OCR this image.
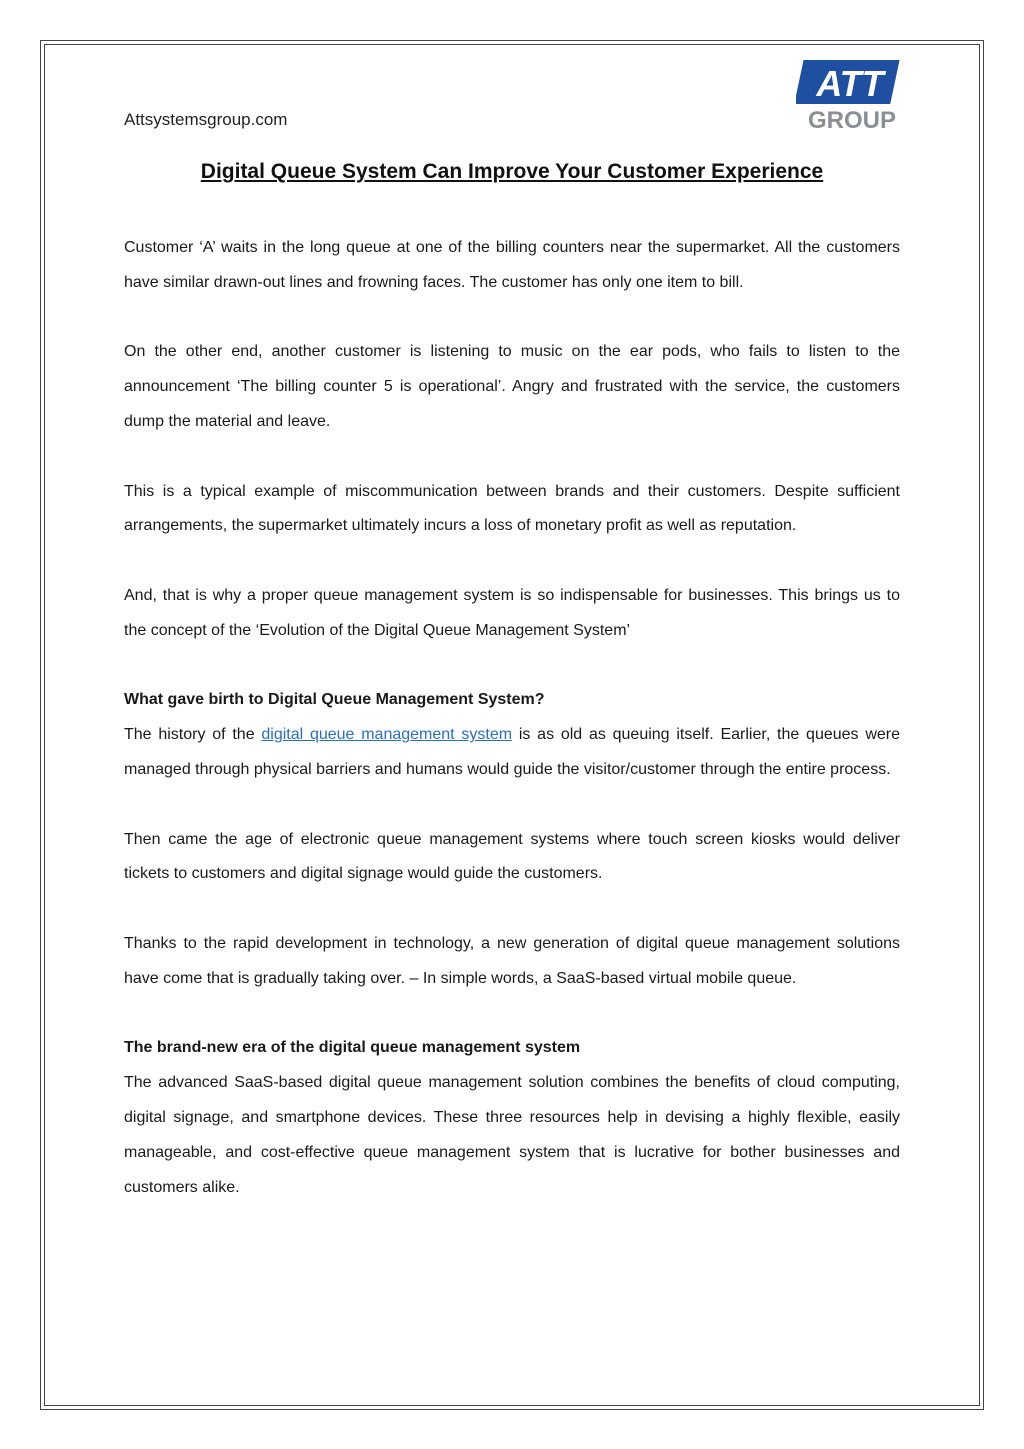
Attsystemsgroup.com
ATT
GROUP
Digital Queue System Can Improve Your Customer Experience

Customer ‘A’ waits in the long queue at one of the billing counters near the supermarket. All the customers have similar drawn-out lines and frowning faces. The customer has only one item to bill.

On the other end, another customer is listening to music on the ear pods, who fails to listen to the announcement ‘The billing counter 5 is operational’. Angry and frustrated with the service, the customers dump the material and leave.

This is a typical example of miscommunication between brands and their customers. Despite sufficient arrangements, the supermarket ultimately incurs a loss of monetary profit as well as reputation.

And, that is why a proper queue management system is so indispensable for businesses. This brings us to the concept of the ‘Evolution of the Digital Queue Management System’

What gave birth to Digital Queue Management System?

The history of the digital queue management system is as old as queuing itself. Earlier, the queues were managed through physical barriers and humans would guide the visitor/customer through the entire process.

Then came the age of electronic queue management systems where touch screen kiosks would deliver tickets to customers and digital signage would guide the customers.

Thanks to the rapid development in technology, a new generation of digital queue management solutions have come that is gradually taking over. – In simple words, a SaaS-based virtual mobile queue.

The brand-new era of the digital queue management system

The advanced SaaS-based digital queue management solution combines the benefits of cloud computing, digital signage, and smartphone devices. These three resources help in devising a highly flexible, easily manageable, and cost-effective queue management system that is lucrative for bother businesses and customers alike.
